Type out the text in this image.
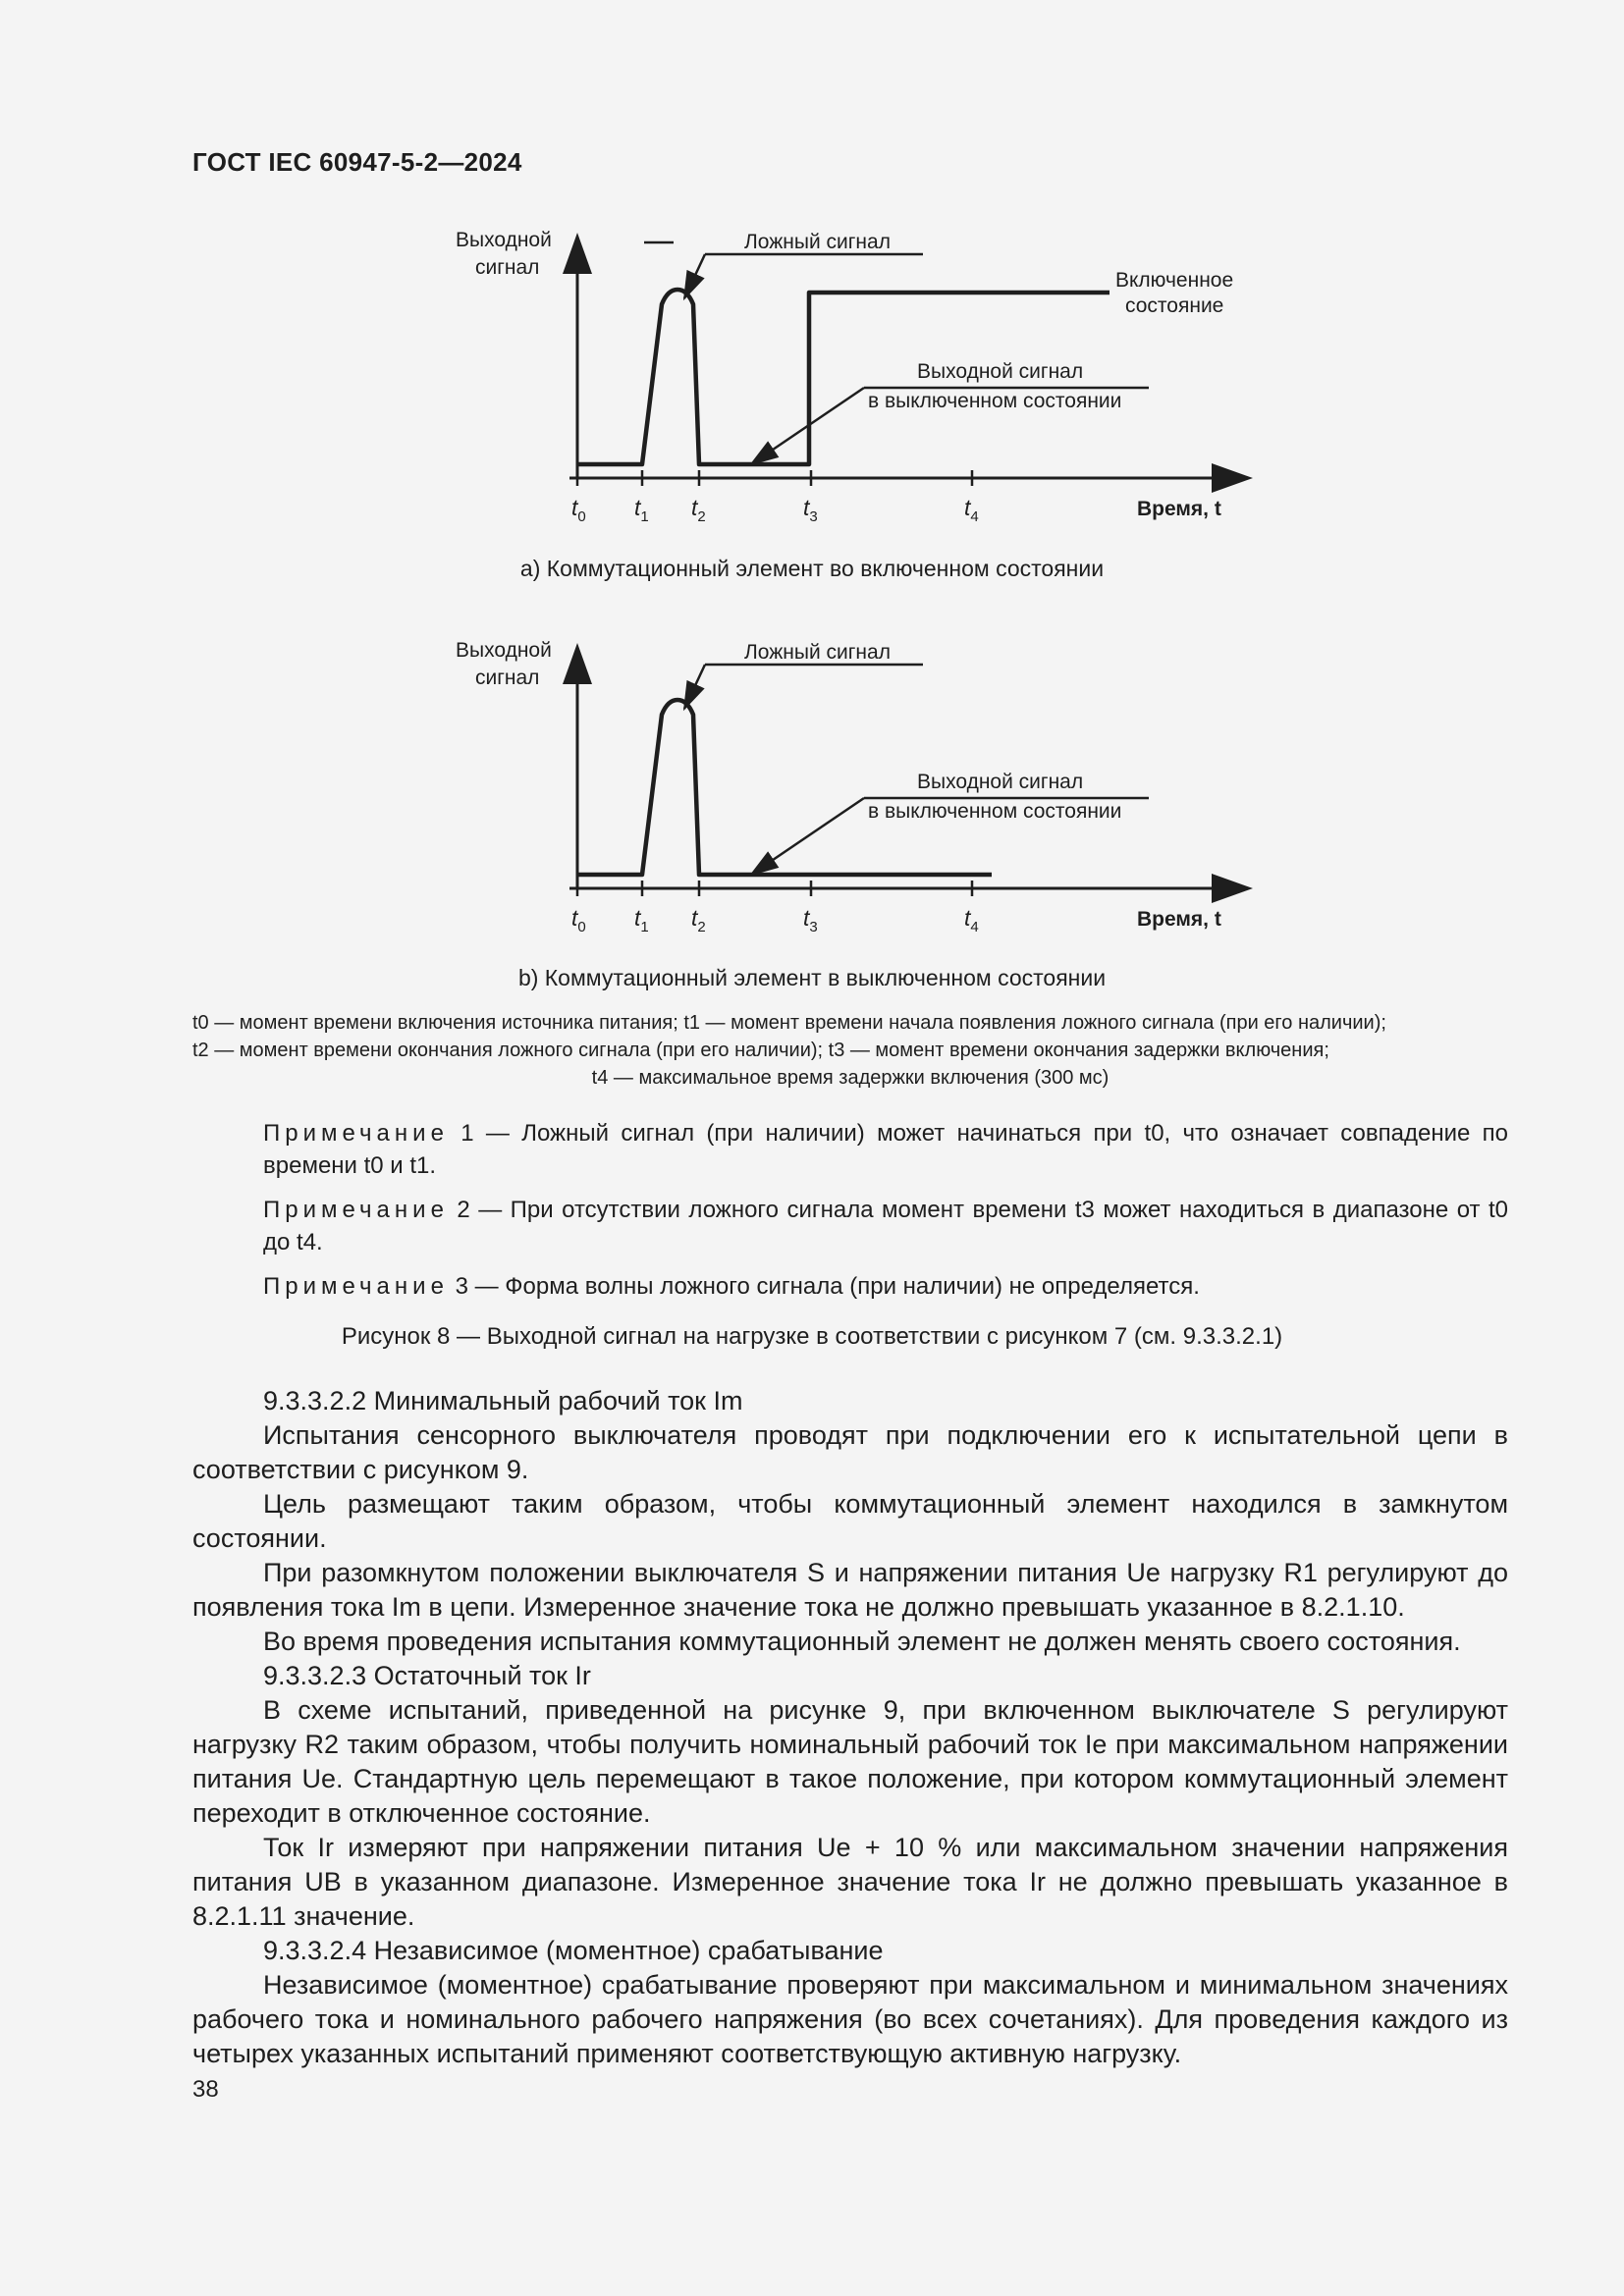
ГОСТ IEC 60947-5-2—2024
Ложный сигнал
Включенное
состояние
Выходной сигнал
в выключенном состоянии
Выходной
сигнал
$t_0$ $t_1$ $t_2$	$t_3$	$t_4$	Время, t
a) Коммутационный элемент во включенном состоянии
Ложный сигнал
Выходной сигнал
в выключенном состоянии
Выходной
сигнал
$t_0$ $t_1$ $t_2$	$t_3$	$t_4$	Время, t
b) Коммутационный элемент в выключенном состоянии
t0 — момент времени включения источника питания; t1 — момент времени начала появления ложного сигнала (при его наличии);
t2 — момент времени окончания ложного сигнала (при его наличии); t3 — момент времени окончания задержки включения;
t4 — максимальное время задержки включения (300 мс)
Примечание 1 — Ложный сигнал (при наличии) может начинаться при t0, что означает совпадение по времени t0 и t1.
Примечание 2 — При отсутствии ложного сигнала момент времени t3 может находиться в диапазоне от t0 до t4.
Примечание 3 — Форма волны ложного сигнала (при наличии) не определяется.
Рисунок 8 — Выходной сигнал на нагрузке в соответствии с рисунком 7 (см. 9.3.3.2.1)

9.3.3.2.2 Минимальный рабочий ток Im

Испытания сенсорного выключателя проводят при подключении его к испытательной цепи в соответствии с рисунком 9.

Цель размещают таким образом, чтобы коммутационный элемент находился в замкнутом состоянии.

При разомкнутом положении выключателя S и напряжении питания Ue нагрузку R1 регулируют до появления тока Im в цепи. Измеренное значение тока не должно превышать указанное в 8.2.1.10.

Во время проведения испытания коммутационный элемент не должен менять своего состояния.

9.3.3.2.3 Остаточный ток Ir

В схеме испытаний, приведенной на рисунке 9, при включенном выключателе S регулируют нагрузку R2 таким образом, чтобы получить номинальный рабочий ток Ie при максимальном напряжении питания Ue. Стандартную цель перемещают в такое положение, при котором коммутационный элемент переходит в отключенное состояние.

Ток Ir измеряют при напряжении питания Ue + 10 % или максимальном значении напряжения питания UB в указанном диапазоне. Измеренное значение тока Ir не должно превышать указанное в 8.2.1.11 значение.

9.3.3.2.4 Независимое (моментное) срабатывание

Независимое (моментное) срабатывание проверяют при максимальном и минимальном значениях рабочего тока и номинального рабочего напряжения (во всех сочетаниях). Для проведения каждого из четырех указанных испытаний применяют соответствующую активную нагрузку.

38
